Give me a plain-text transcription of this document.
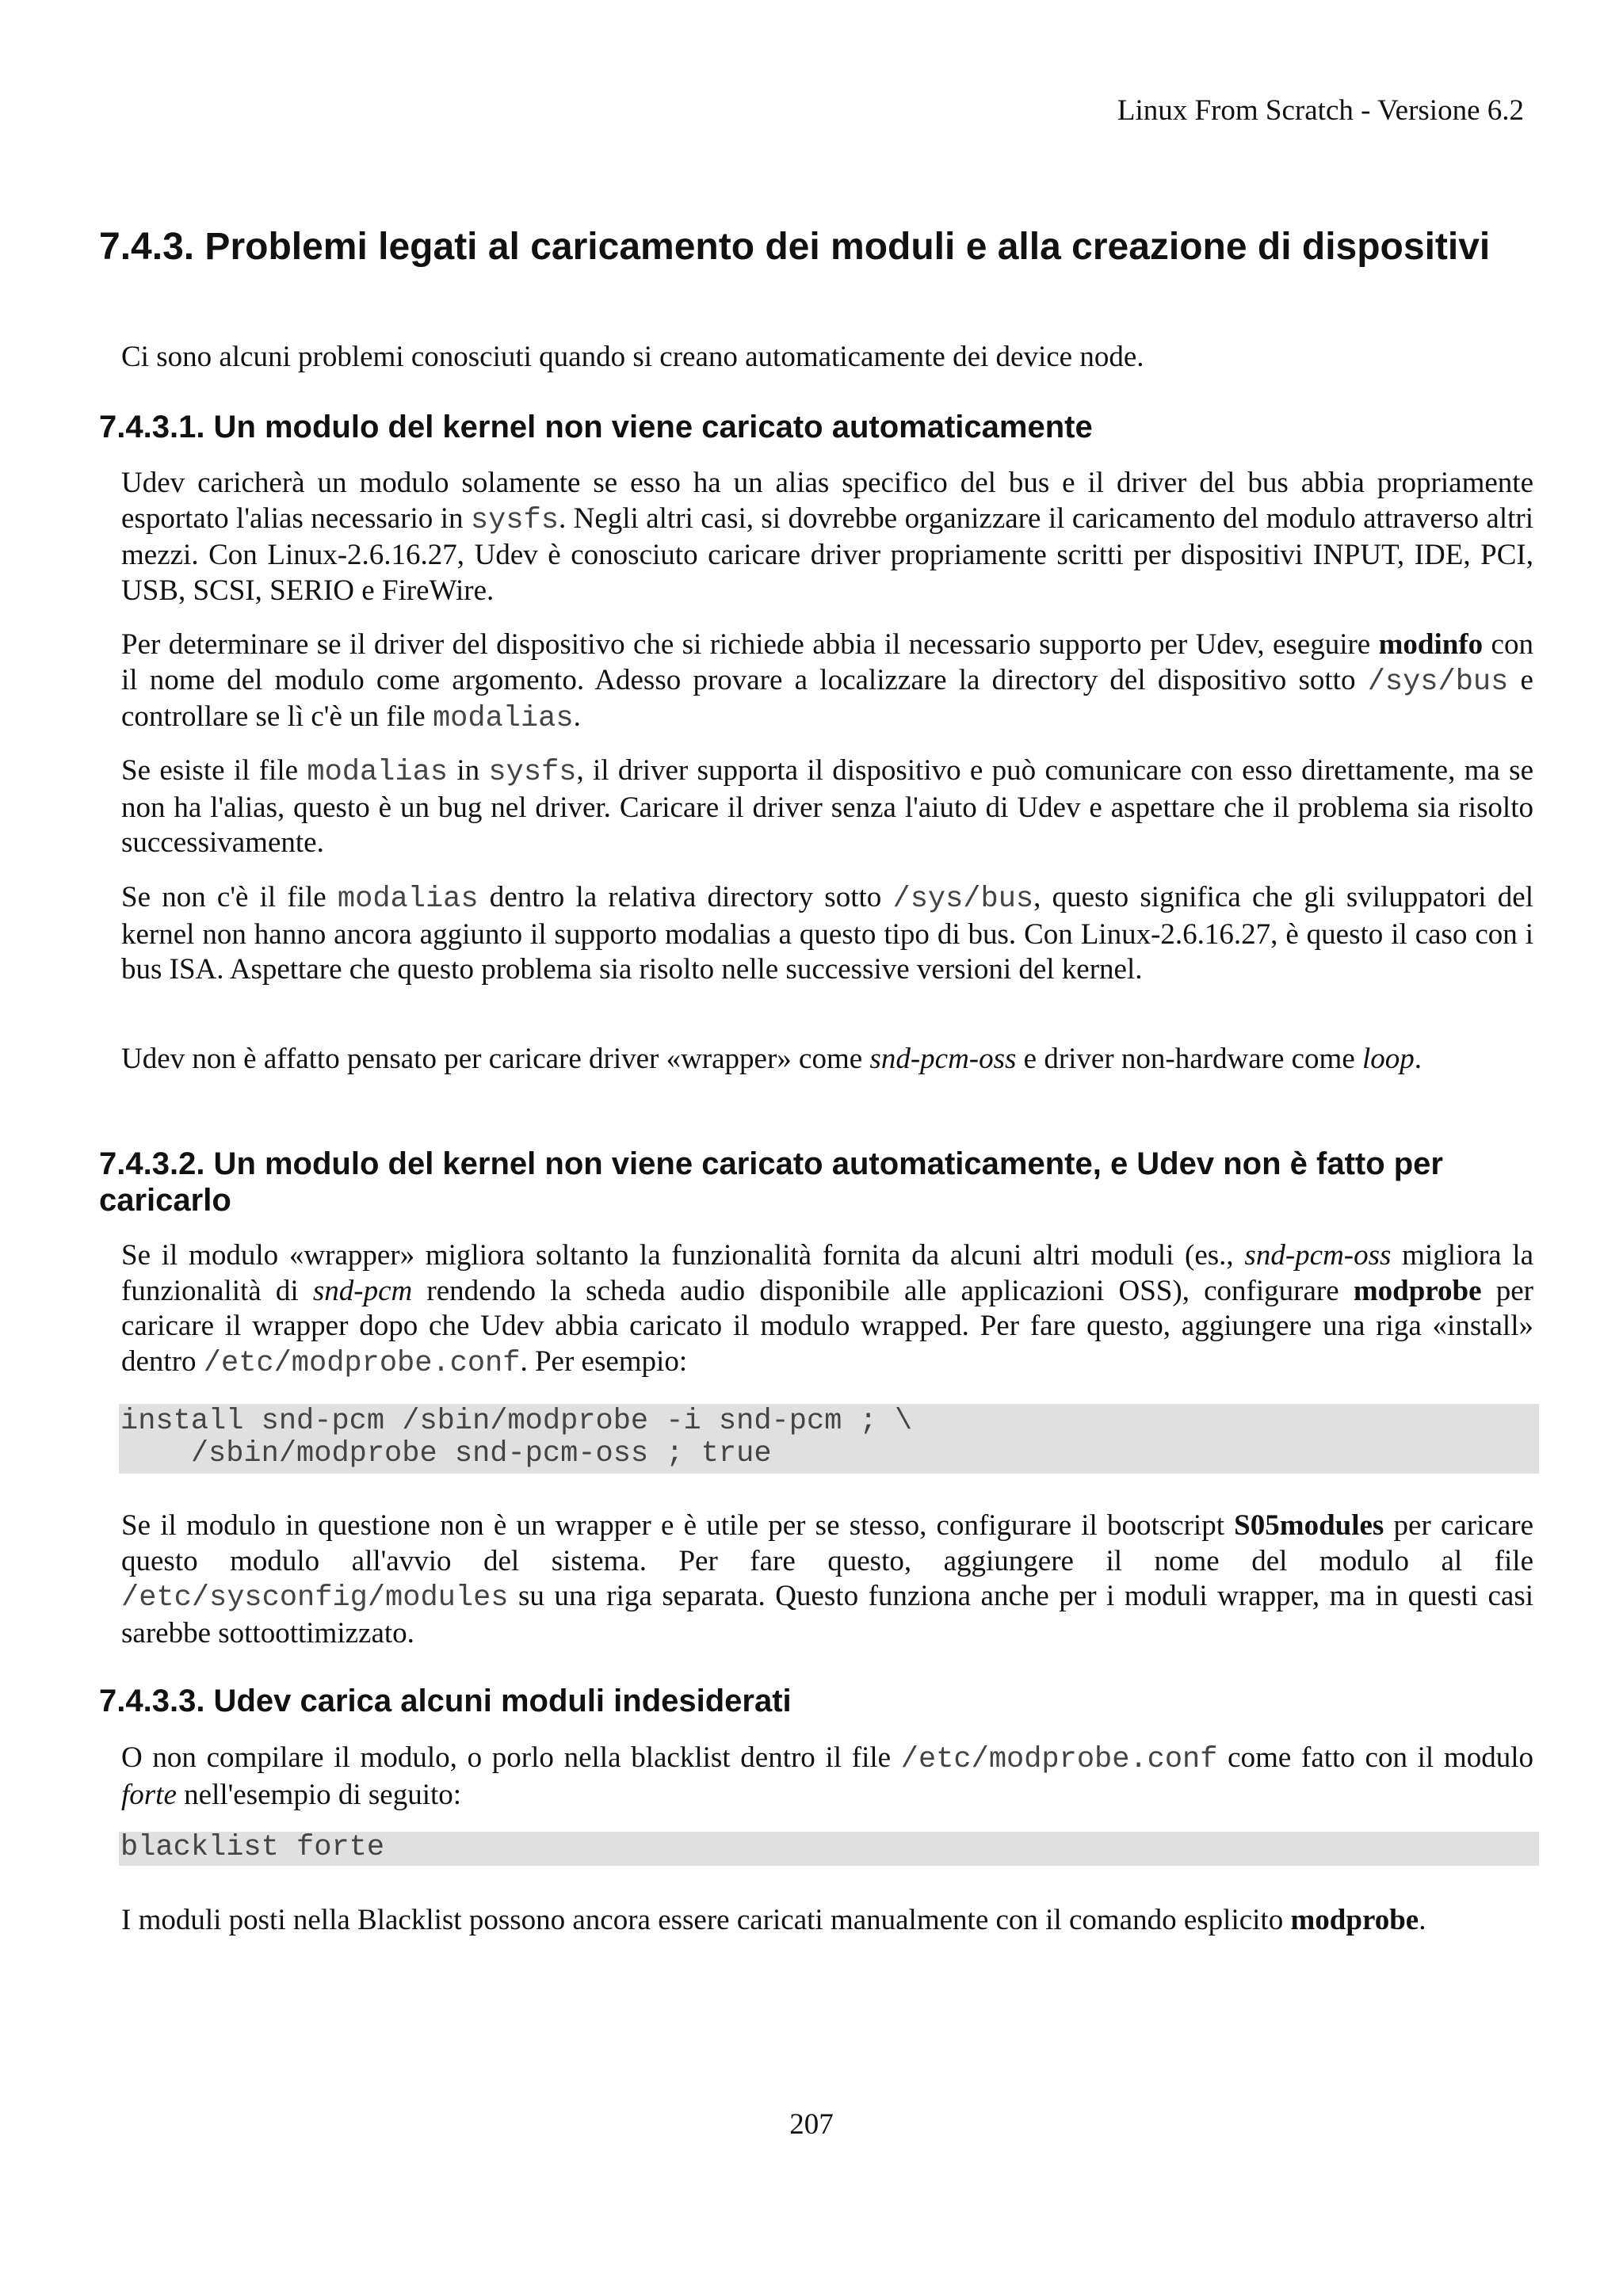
Linux From Scratch - Versione 6.2
7.4.3. Problemi legati al caricamento dei moduli e alla creazione di dispositivi

Ci sono alcuni problemi conosciuti quando si creano automaticamente dei device node.

7.4.3.1. Un modulo del kernel non viene caricato automaticamente

Udev caricherà un modulo solamente se esso ha un alias specifico del bus e il driver del bus abbia propriamente esportato l'alias necessario in sysfs. Negli altri casi, si dovrebbe organizzare il caricamento del modulo attraverso altri mezzi. Con Linux-2.6.16.27, Udev è conosciuto caricare driver propriamente scritti per dispositivi INPUT, IDE, PCI, USB, SCSI, SERIO e FireWire.

Per determinare se il driver del dispositivo che si richiede abbia il necessario supporto per Udev, eseguire modinfo con il nome del modulo come argomento. Adesso provare a localizzare la directory del dispositivo sotto /sys/bus e controllare se lì c'è un file modalias.

Se esiste il file modalias in sysfs, il driver supporta il dispositivo e può comunicare con esso direttamente, ma se non ha l'alias, questo è un bug nel driver. Caricare il driver senza l'aiuto di Udev e aspettare che il problema sia risolto successivamente.

Se non c'è il file modalias dentro la relativa directory sotto /sys/bus, questo significa che gli sviluppatori del kernel non hanno ancora aggiunto il supporto modalias a questo tipo di bus. Con Linux-2.6.16.27, è questo il caso con i bus ISA. Aspettare che questo problema sia risolto nelle successive versioni del kernel.

Udev non è affatto pensato per caricare driver «wrapper» come snd-pcm-oss e driver non-hardware come loop.

7.4.3.2. Un modulo del kernel non viene caricato automaticamente, e Udev non è fatto per caricarlo

Se il modulo «wrapper» migliora soltanto la funzionalità fornita da alcuni altri moduli (es., snd-pcm-oss migliora la funzionalità di snd-pcm rendendo la scheda audio disponibile alle applicazioni OSS), configurare modprobe per caricare il wrapper dopo che Udev abbia caricato il modulo wrapped. Per fare questo, aggiungere una riga «install» dentro /etc/modprobe.conf. Per esempio:

install snd-pcm /sbin/modprobe -i snd-pcm ; \
/sbin/modprobe snd-pcm-oss ; true

Se il modulo in questione non è un wrapper e è utile per se stesso, configurare il bootscript S05modules per caricare questo modulo all'avvio del sistema. Per fare questo, aggiungere il nome del modulo al file /etc/sysconfig/modules su una riga separata. Questo funziona anche per i moduli wrapper, ma in questi casi sarebbe sottoottimizzato.

7.4.3.3. Udev carica alcuni moduli indesiderati

O non compilare il modulo, o porlo nella blacklist dentro il file /etc/modprobe.conf come fatto con il modulo forte nell'esempio di seguito:

blacklist forte

I moduli posti nella Blacklist possono ancora essere caricati manualmente con il comando esplicito modprobe.

207
